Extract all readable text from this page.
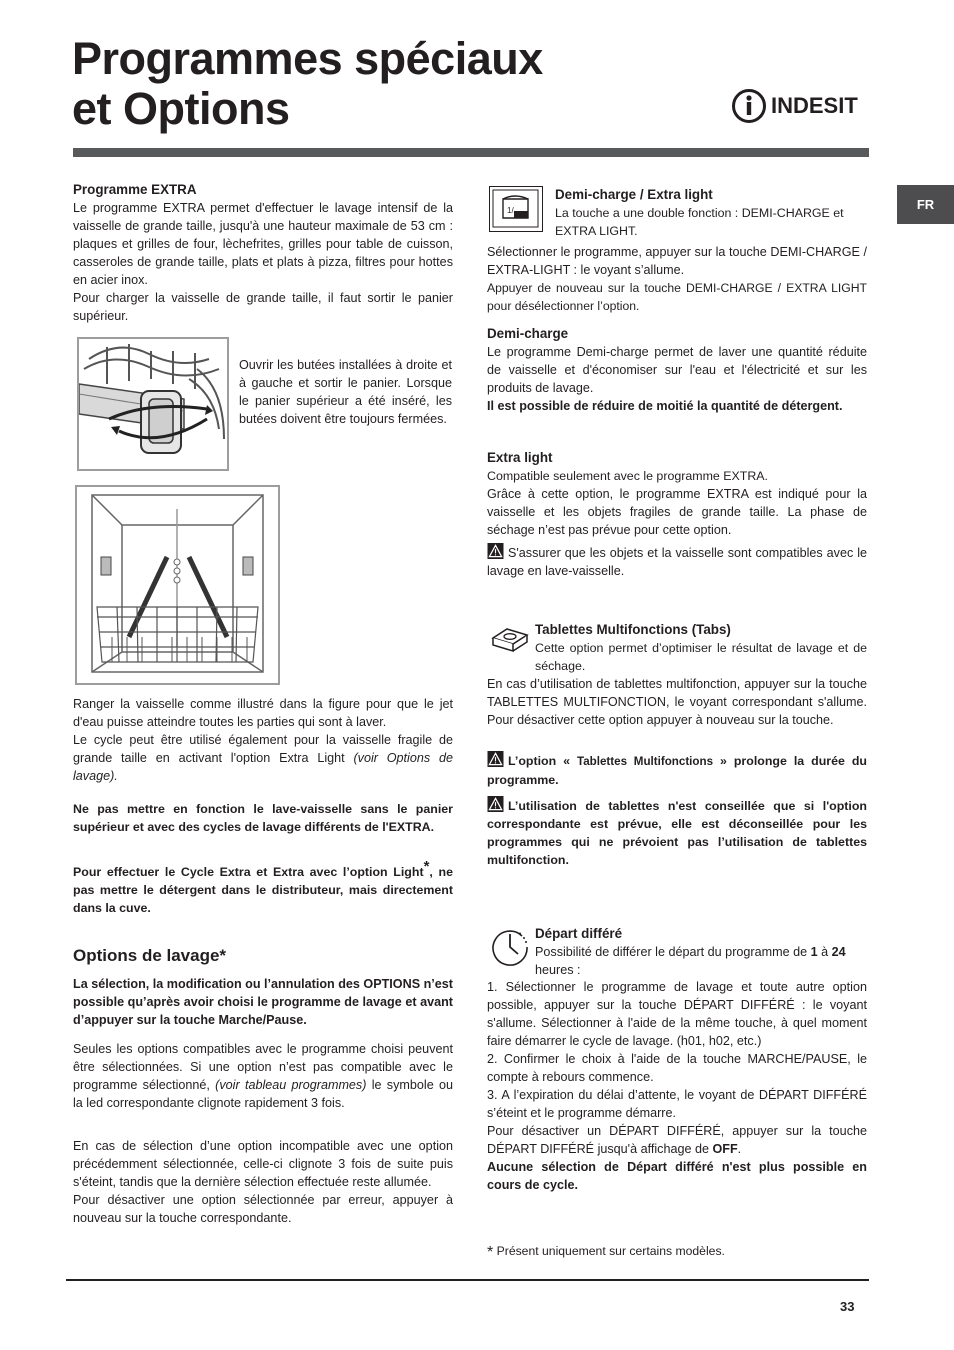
Programmes spéciaux
et Options	INDESIT
FR

Programme EXTRA

Le programme EXTRA permet d'effectuer le lavage intensif de la vaisselle de grande taille, jusqu'à une hauteur maximale de 53 cm : plaques et grilles de four, lèchefrites, grilles pour table de cuisson, casseroles de grande taille, plats et plats à pizza, filtres pour hottes en acier inox.

Pour charger la vaisselle de grande taille, il faut sortir le panier supérieur.

Ouvrir les butées installées à droite et à gauche et sortir le panier. Lorsque le panier supérieur a été inséré, les butées doivent être toujours fermées.

Ranger la vaisselle comme illustré dans la figure pour que le jet d'eau puisse atteindre toutes les parties qui sont à laver.

Le cycle peut être utilisé également pour la vaisselle fragile de grande taille en activant l'option Extra Light (voir Options de lavage).

Ne pas mettre en fonction le lave-vaisselle sans le panier supérieur et avec des cycles de lavage différents de l'EXTRA.
Pour effectuer le Cycle Extra et Extra avec l’option Light*, ne pas mettre le détergent dans le distributeur, mais directement dans la cuve.
Options de lavage*
La sélection, la modification ou l’annulation des OPTIONS n’est possible qu’après avoir choisi le programme de lavage et avant d’appuyer sur la touche Marche/Pause.
Seules les options compatibles avec le programme choisi peuvent être sélectionnées. Si une option n’est pas compatible avec le programme sélectionné, (voir tableau programmes) le symbole ou la led correspondante clignote rapidement 3 fois.

En cas de sélection d’une option incompatible avec une option précédemment sélectionnée, celle-ci clignote 3 fois de suite puis s'éteint, tandis que la dernière sélection effectuée reste allumée.

Pour désactiver une option sélectionnée par erreur, appuyer à nouveau sur la touche correspondante.

1/

Demi-charge / Extra light

La touche a une double fonction : DEMI-CHARGE et EXTRA LIGHT.

Sélectionner le programme, appuyer sur la touche DEMI-CHARGE / EXTRA-LIGHT : le voyant s’allume.

Appuyer de nouveau sur la touche DEMI-CHARGE / EXTRA LIGHT pour désélectionner l’option.

Demi-charge

Le programme Demi-charge permet de laver une quantité réduite de vaisselle et d'économiser sur l'eau et l'électricité et sur les produits de lavage.

Il est possible de réduire de moitié la quantité de détergent.

Extra light

Compatible seulement avec le programme EXTRA.

Grâce à cette option, le programme EXTRA est indiqué pour la vaisselle et les objets fragiles de grande taille. La phase de séchage n’est pas prévue pour cette option.

S'assurer que les objets et la vaisselle sont compatibles avec le lavage en lave-vaisselle.

Tablettes Multifonctions (Tabs)

Cette option permet d’optimiser le résultat de lavage et de séchage.

En cas d’utilisation de tablettes multifonction, appuyer sur la touche TABLETTES MULTIFONCTION, le voyant correspondant s'allume. Pour désactiver cette option appuyer à nouveau sur la touche.
L’option « Tablettes Multifonctions » prolonge la durée du programme.
L’utilisation de tablettes n'est conseillée que si l'option correspondante est prévue, elle est déconseillée pour les programmes qui ne prévoient pas l’utilisation de tablettes multifonction.

Départ différé

Possibilité de différer le départ du programme de 1 à 24 heures :

1. Sélectionner le programme de lavage et toute autre option possible, appuyer sur la touche DÉPART DIFFÉRÉ : le voyant s'allume. Sélectionner à l'aide de la même touche, à quel moment faire démarrer le cycle de lavage. (h01, h02, etc.)

2. Confirmer le choix à l'aide de la touche MARCHE/PAUSE, le compte à rebours commence.

3. A l’expiration du délai d’attente, le voyant de DÉPART DIFFÉRÉ s’éteint et le programme démarre.

Pour désactiver un DÉPART DIFFÉRÉ, appuyer sur la touche DÉPART DIFFÉRÉ jusqu'à affichage de OFF.

Aucune sélection de Départ différé n'est plus possible en cours de cycle.

* Présent uniquement sur certains modèles.
33
